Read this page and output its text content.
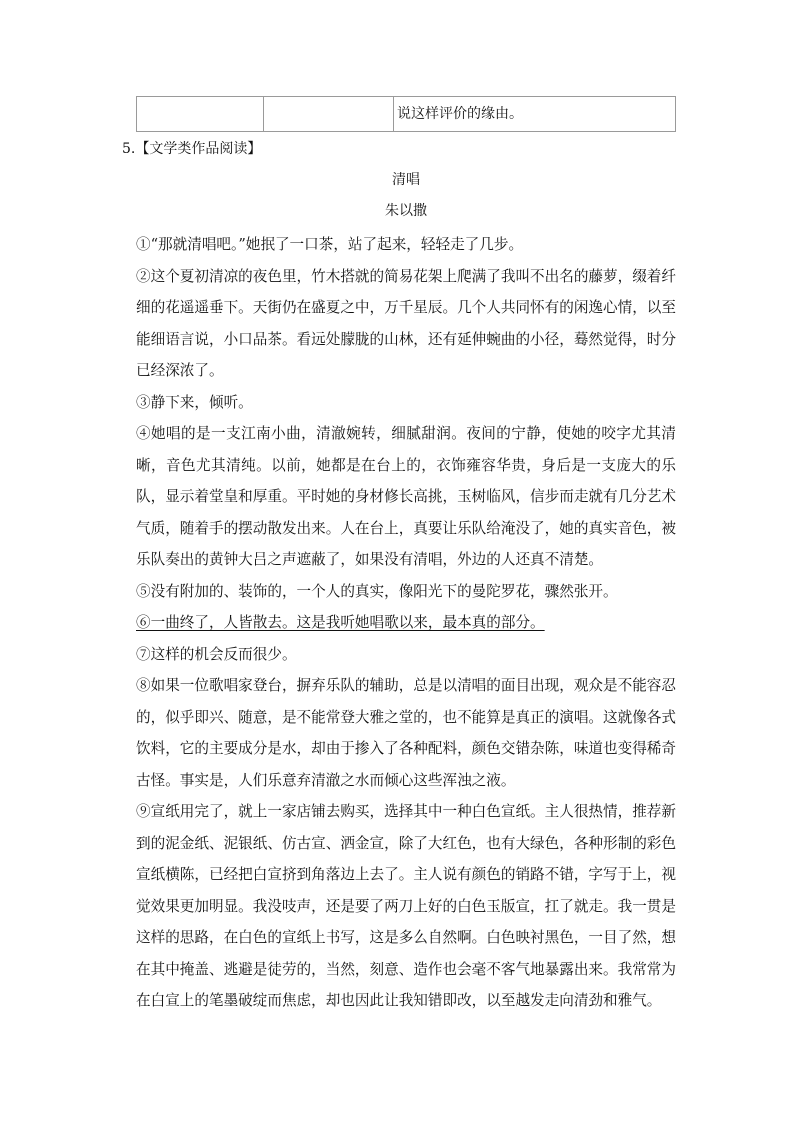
		说这样评价的缘由。
5.【文学类作品阅读】
清唱
朱以撒

①“那就清唱吧。”她抿了一口茶，站了起来，轻轻走了几步。

②这个夏初清凉的夜色里，竹木搭就的简易花架上爬满了我叫不出名的藤萝，缀着纤细的花遥遥垂下。天街仍在盛夏之中，万千星辰。几个人共同怀有的闲逸心情，以至能细语言说，小口品茶。看远处朦胧的山林，还有延伸蜿曲的小径，蓦然觉得，时分已经深浓了。

③静下来，倾听。

④她唱的是一支江南小曲，清澈婉转，细腻甜润。夜间的宁静，使她的咬字尤其清晰，音色尤其清纯。以前，她都是在台上的，衣饰雍容华贵，身后是一支庞大的乐队，显示着堂皇和厚重。平时她的身材修长高挑，玉树临风，信步而走就有几分艺术气质，随着手的摆动散发出来。人在台上，真要让乐队给淹没了，她的真实音色，被乐队奏出的黄钟大吕之声遮蔽了，如果没有清唱，外边的人还真不清楚。

⑤没有附加的、装饰的，一个人的真实，像阳光下的曼陀罗花，骤然张开。

⑥一曲终了，人皆散去。这是我听她唱歌以来，最本真的部分。

⑦这样的机会反而很少。

⑧如果一位歌唱家登台，摒弃乐队的辅助，总是以清唱的面目出现，观众是不能容忍的，似乎即兴、随意，是不能常登大雅之堂的，也不能算是真正的演唱。这就像各式饮料，它的主要成分是水，却由于掺入了各种配料，颜色交错杂陈，味道也变得稀奇古怪。事实是，人们乐意弃清澈之水而倾心这些浑浊之液。

⑨宣纸用完了，就上一家店铺去购买，选择其中一种白色宣纸。主人很热情，推荐新到的泥金纸、泥银纸、仿古宣、洒金宣，除了大红色，也有大绿色，各种形制的彩色宣纸横陈，已经把白宣挤到角落边上去了。主人说有颜色的销路不错，字写于上，视觉效果更加明显。我没吱声，还是要了两刀上好的白色玉版宣，扛了就走。我一贯是这样的思路，在白色的宣纸上书写，这是多么自然啊。白色映衬黑色，一目了然，想在其中掩盖、逃避是徒劳的，当然，刻意、造作也会毫不客气地暴露出来。我常常为在白宣上的笔墨破绽而焦虑，却也因此让我知错即改，以至越发走向清劲和雅气。
